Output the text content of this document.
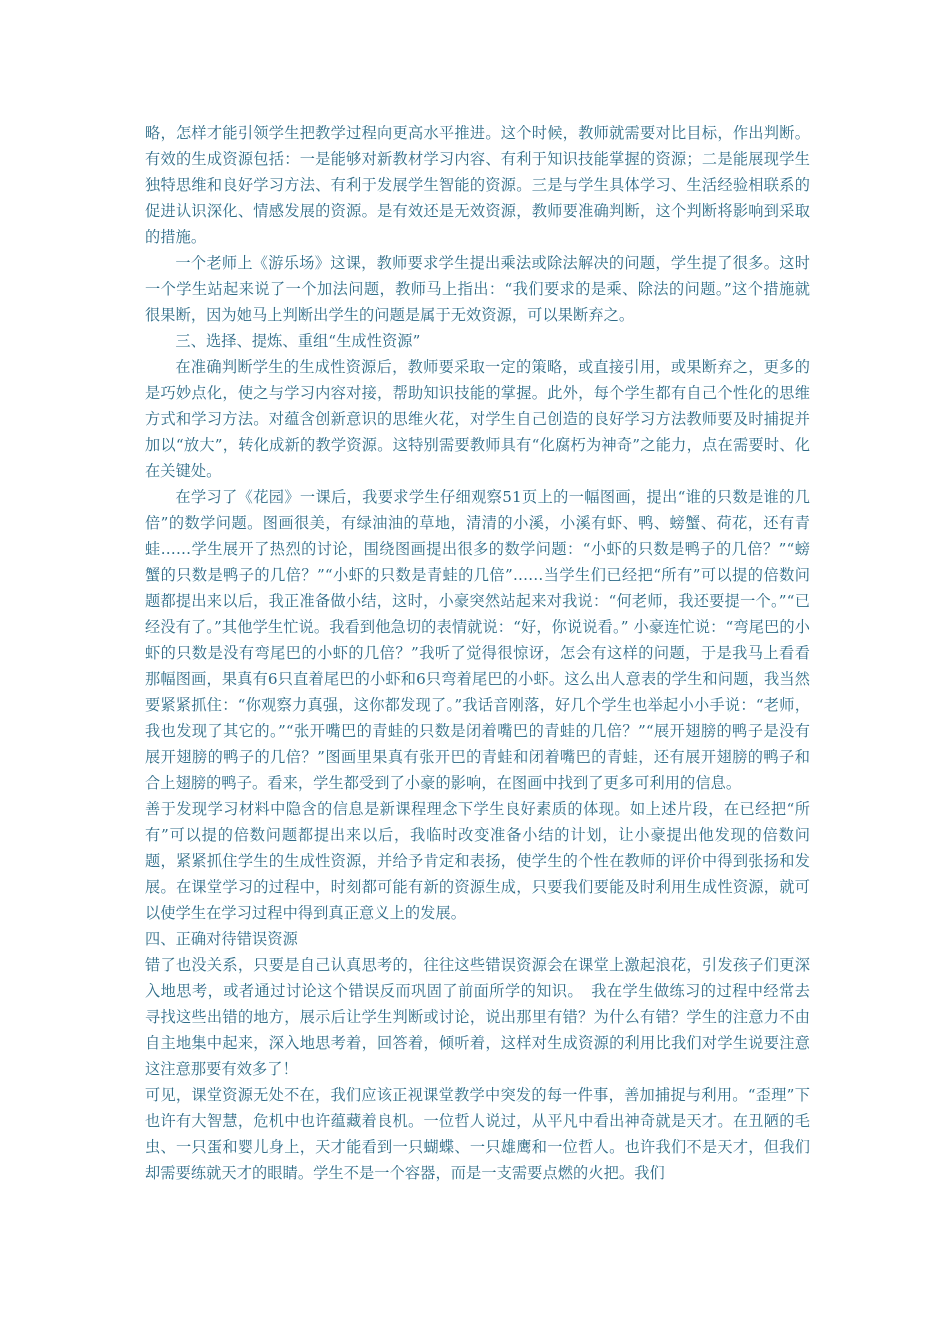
略，怎样才能引领学生把教学过程向更高水平推进。这个时候，教师就需要对比目标，作出判断。有效的生成资源包括：一是能够对新教材学习内容、有利于知识技能掌握的资源；二是能展现学生独特思维和良好学习方法、有利于发展学生智能的资源。三是与学生具体学习、生活经验相联系的促进认识深化、情感发展的资源。是有效还是无效资源，教师要准确判断，这个判断将影响到采取的措施。

一个老师上《游乐场》这课，教师要求学生提出乘法或除法解决的问题，学生提了很多。这时一个学生站起来说了一个加法问题，教师马上指出：“我们要求的是乘、除法的问题。”这个措施就很果断，因为她马上判断出学生的问题是属于无效资源，可以果断弃之。

三、选择、提炼、重组“生成性资源”

在准确判断学生的生成性资源后，教师要采取一定的策略，或直接引用，或果断弃之，更多的是巧妙点化，使之与学习内容对接，帮助知识技能的掌握。此外，每个学生都有自己个性化的思维方式和学习方法。对蕴含创新意识的思维火花，对学生自己创造的良好学习方法教师要及时捕捉并加以“放大”，转化成新的教学资源。这特别需要教师具有“化腐朽为神奇”之能力，点在需要时、化在关键处。

在学习了《花园》一课后，我要求学生仔细观察51页上的一幅图画，提出“谁的只数是谁的几倍”的数学问题。图画很美，有绿油油的草地，清清的小溪，小溪有虾、鸭、螃蟹、荷花，还有青蛙……学生展开了热烈的讨论，围绕图画提出很多的数学问题：“小虾的只数是鸭子的几倍？”“螃蟹的只数是鸭子的几倍？”“小虾的只数是青蛙的几倍”……当学生们已经把“所有”可以提的倍数问题都提出来以后，我正准备做小结，这时，小豪突然站起来对我说：“何老师，我还要提一个。”“已经没有了。”其他学生忙说。我看到他急切的表情就说：“好，你说说看。” 小豪连忙说：“弯尾巴的小虾的只数是没有弯尾巴的小虾的几倍？”我听了觉得很惊讶，怎会有这样的问题，于是我马上看看那幅图画，果真有6只直着尾巴的小虾和6只弯着尾巴的小虾。这么出人意表的学生和问题，我当然要紧紧抓住：“你观察力真强，这你都发现了。”我话音刚落，好几个学生也举起小小手说：“老师，我也发现了其它的。”“张开嘴巴的青蛙的只数是闭着嘴巴的青蛙的几倍？”“展开翅膀的鸭子是没有展开翅膀的鸭子的几倍？”图画里果真有张开巴的青蛙和闭着嘴巴的青蛙，还有展开翅膀的鸭子和合上翅膀的鸭子。看来，学生都受到了小豪的影响，在图画中找到了更多可利用的信息。

善于发现学习材料中隐含的信息是新课程理念下学生良好素质的体现。如上述片段，在已经把“所有”可以提的倍数问题都提出来以后，我临时改变准备小结的计划，让小豪提出他发现的倍数问题，紧紧抓住学生的生成性资源，并给予肯定和表扬，使学生的个性在教师的评价中得到张扬和发展。在课堂学习的过程中，时刻都可能有新的资源生成，只要我们要能及时利用生成性资源，就可以使学生在学习过程中得到真正意义上的发展。

四、正确对待错误资源

错了也没关系，只要是自己认真思考的，往往这些错误资源会在课堂上激起浪花，引发孩子们更深入地思考，或者通过讨论这个错误反而巩固了前面所学的知识。　我在学生做练习的过程中经常去寻找这些出错的地方，展示后让学生判断或讨论，说出那里有错？为什么有错？学生的注意力不由自主地集中起来，深入地思考着，回答着，倾听着，这样对生成资源的利用比我们对学生说要注意这注意那要有效多了！

可见，课堂资源无处不在，我们应该正视课堂教学中突发的每一件事，善加捕捉与利用。“歪理”下也许有大智慧，危机中也许蕴藏着良机。一位哲人说过，从平凡中看出神奇就是天才。在丑陋的毛虫、一只蛋和婴儿身上，天才能看到一只蝴蝶、一只雄鹰和一位哲人。也许我们不是天才，但我们却需要练就天才的眼睛。学生不是一个容器，而是一支需要点燃的火把。我们
